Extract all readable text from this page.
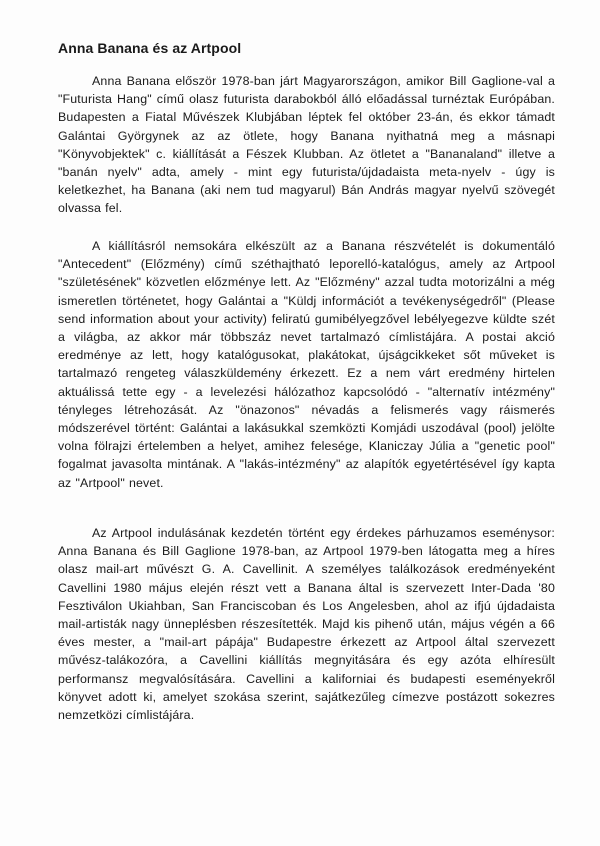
Anna Banana és az Artpool

Anna Banana először 1978-ban járt Magyarországon, amikor Bill Gaglione-val a "Futurista Hang" című olasz futurista darabokból álló előadással turnéztak Európában. Budapesten a Fiatal Művészek Klubjában léptek fel október 23-án, és ekkor támadt Galántai Györgynek az az ötlete, hogy Banana nyithatná meg a másnapi "Könyvobjektek" c. kiállítását a Fészek Klubban. Az ötletet a "Bananaland" illetve a "banán nyelv" adta, amely - mint egy futurista/újdadaista meta-nyelv - úgy is keletkezhet, ha Banana (aki nem tud magyarul) Bán András magyar nyelvű szövegét olvassa fel.

A kiállításról nemsokára elkészült az a Banana részvételét is dokumentáló "Antecedent" (Előzmény) című széthajtható leporelló-katalógus, amely az Artpool "születésének" közvetlen előzménye lett. Az "Előzmény" azzal tudta motorizálni a még ismeretlen történetet, hogy Galántai a "Küldj információt a tevékenységedről" (Please send information about your activity) feliratú gumibélyegzővel lebélyegezve küldte szét a világba, az akkor már többszáz nevet tartalmazó címlistájára. A postai akció eredménye az lett, hogy katalógusokat, plakátokat, újságcikkeket sőt műveket is tartalmazó rengeteg válaszküldemény érkezett. Ez a nem várt eredmény hirtelen aktuálissá tette egy - a levelezési hálózathoz kapcsolódó - "alternatív intézmény" tényleges létrehozását. Az "önazonos" névadás a felismerés vagy ráismerés módszerével történt: Galántai a lakásukkal szemközti Komjádi uszodával (pool) jelölte volna fölrajzi értelemben a helyet, amihez felesége, Klaniczay Júlia a "genetic pool" fogalmat javasolta mintának. A "lakás-intézmény" az alapítók egyetértésével így kapta az "Artpool" nevet.

Az Artpool indulásának kezdetén történt egy érdekes párhuzamos eseménysor: Anna Banana és Bill Gaglione 1978-ban, az Artpool 1979-ben látogatta meg a híres olasz mail-art művészt G. A. Cavellinit. A személyes találkozások eredményeként Cavellini 1980 május elején részt vett a Banana által is szervezett Inter-Dada '80 Fesztiválon Ukiahban, San Franciscoban és Los Angelesben, ahol az ifjú újdadaista mail-artisták nagy ünneplésben részesítették. Majd kis pihenő után, május végén a 66 éves mester, a "mail-art pápája" Budapestre érkezett az Artpool által szervezett művész-talákozóra, a Cavellini kiállítás megnyitására és egy azóta elhíresült performansz megvalósítására. Cavellini a kaliforniai és budapesti eseményekről könyvet adott ki, amelyet szokása szerint, sajátkezűleg címezve postázott sokezres nemzetközi címlistájára.
